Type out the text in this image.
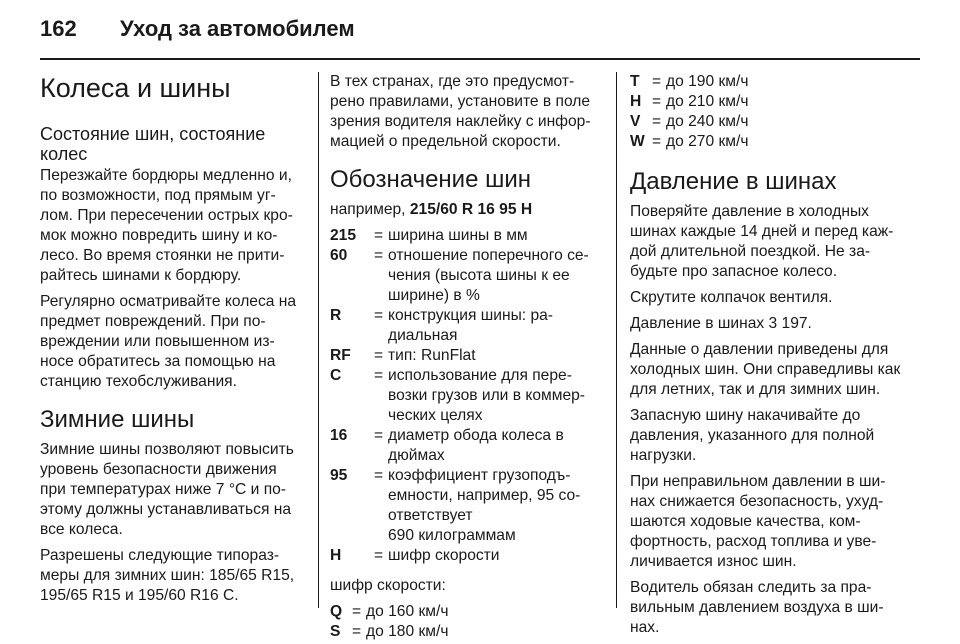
162 Уход за автомобилем
Колеса и шины
Состояние шин, состояние колес

Перезжайте бордюры медленно и, по возможности, под прямым уг-лом. При пересечении острых кро-мок можно повредить шину и ко-лесо. Во время стоянки не прити-райтесь шинами к бордюру.

Регулярно осматривайте колеса на предмет повреждений. При по-вреждении или повышенном из-носе обратитесь за помощью на станцию техобслуживания.

Зимние шины

Зимние шины позволяют повысить уровень безопасности движения при температурах ниже 7 °C и по-этому должны устанавливаться на все колеса.

Разрешены следующие типораз-меры для зимних шин: 185/65 R15, 195/65 R15 и 195/60 R16 C.

В тех странах, где это предусмот-рено правилами, установите в поле зрения водителя наклейку с инфор-мацией о предельной скорости.

Обозначение шин

например, 215/60 R 16 95 H

215	= ширина шины в мм
60	= отношение поперечного се-чения (высота шины к ее ширине) в %
R	= конструкция шины: ра-диальная
RF	= тип: RunFlat
C	= использование для пере-возки грузов или в коммер-ческих целях
16	= диаметр обода колеса в дюймах
95	= коэффициент грузоподъ-емности, например, 95 со-ответствует
690 килограммам
H	= шифр скорости

шифр скорости:

Q = до 160 км/ч
S = до 180 км/ч
T = до 190 км/ч
H = до 210 км/ч
V = до 240 км/ч
W = до 270 км/ч
Давление в шинах

Поверяйте давление в холодных шинах каждые 14 дней и перед каж-дой длительной поездкой. Не за-будьте про запасное колесо.

Скрутите колпачок вентиля.

Давление в шинах 3 197.

Данные о давлении приведены для холодных шин. Они справедливы как для летних, так и для зимних шин.

Запасную шину накачивайте до давления, указанного для полной нагрузки.

При неправильном давлении в ши-нах снижается безопасность, ухуд-шаются ходовые качества, ком-фортность, расход топлива и уве-личивается износ шин.

Водитель обязан следить за пра-вильным давлением воздуха в ши-нах.
